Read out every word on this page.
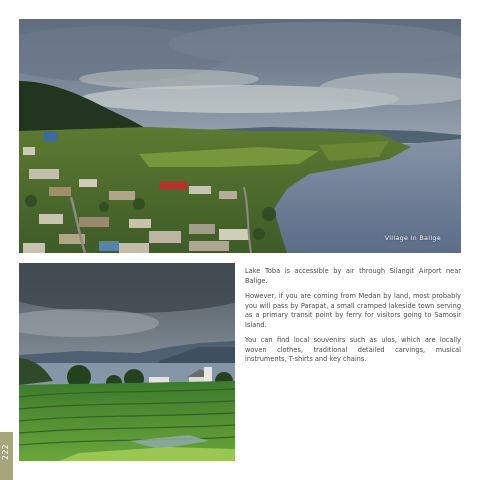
Village in Balige

Lake Toba is accessible by air through Silangit Airport near Balige.

However, if you are coming from Medan by land, most probably you will pass by Parapat, a small cramped lakeside town serving as a primary transit point by ferry for visitors going to Samosir Island.

You can find local souvenirs such as ulos, which are locally woven clothes, traditional detailed carvings, musical instruments, T-shirts and key chains.

222
